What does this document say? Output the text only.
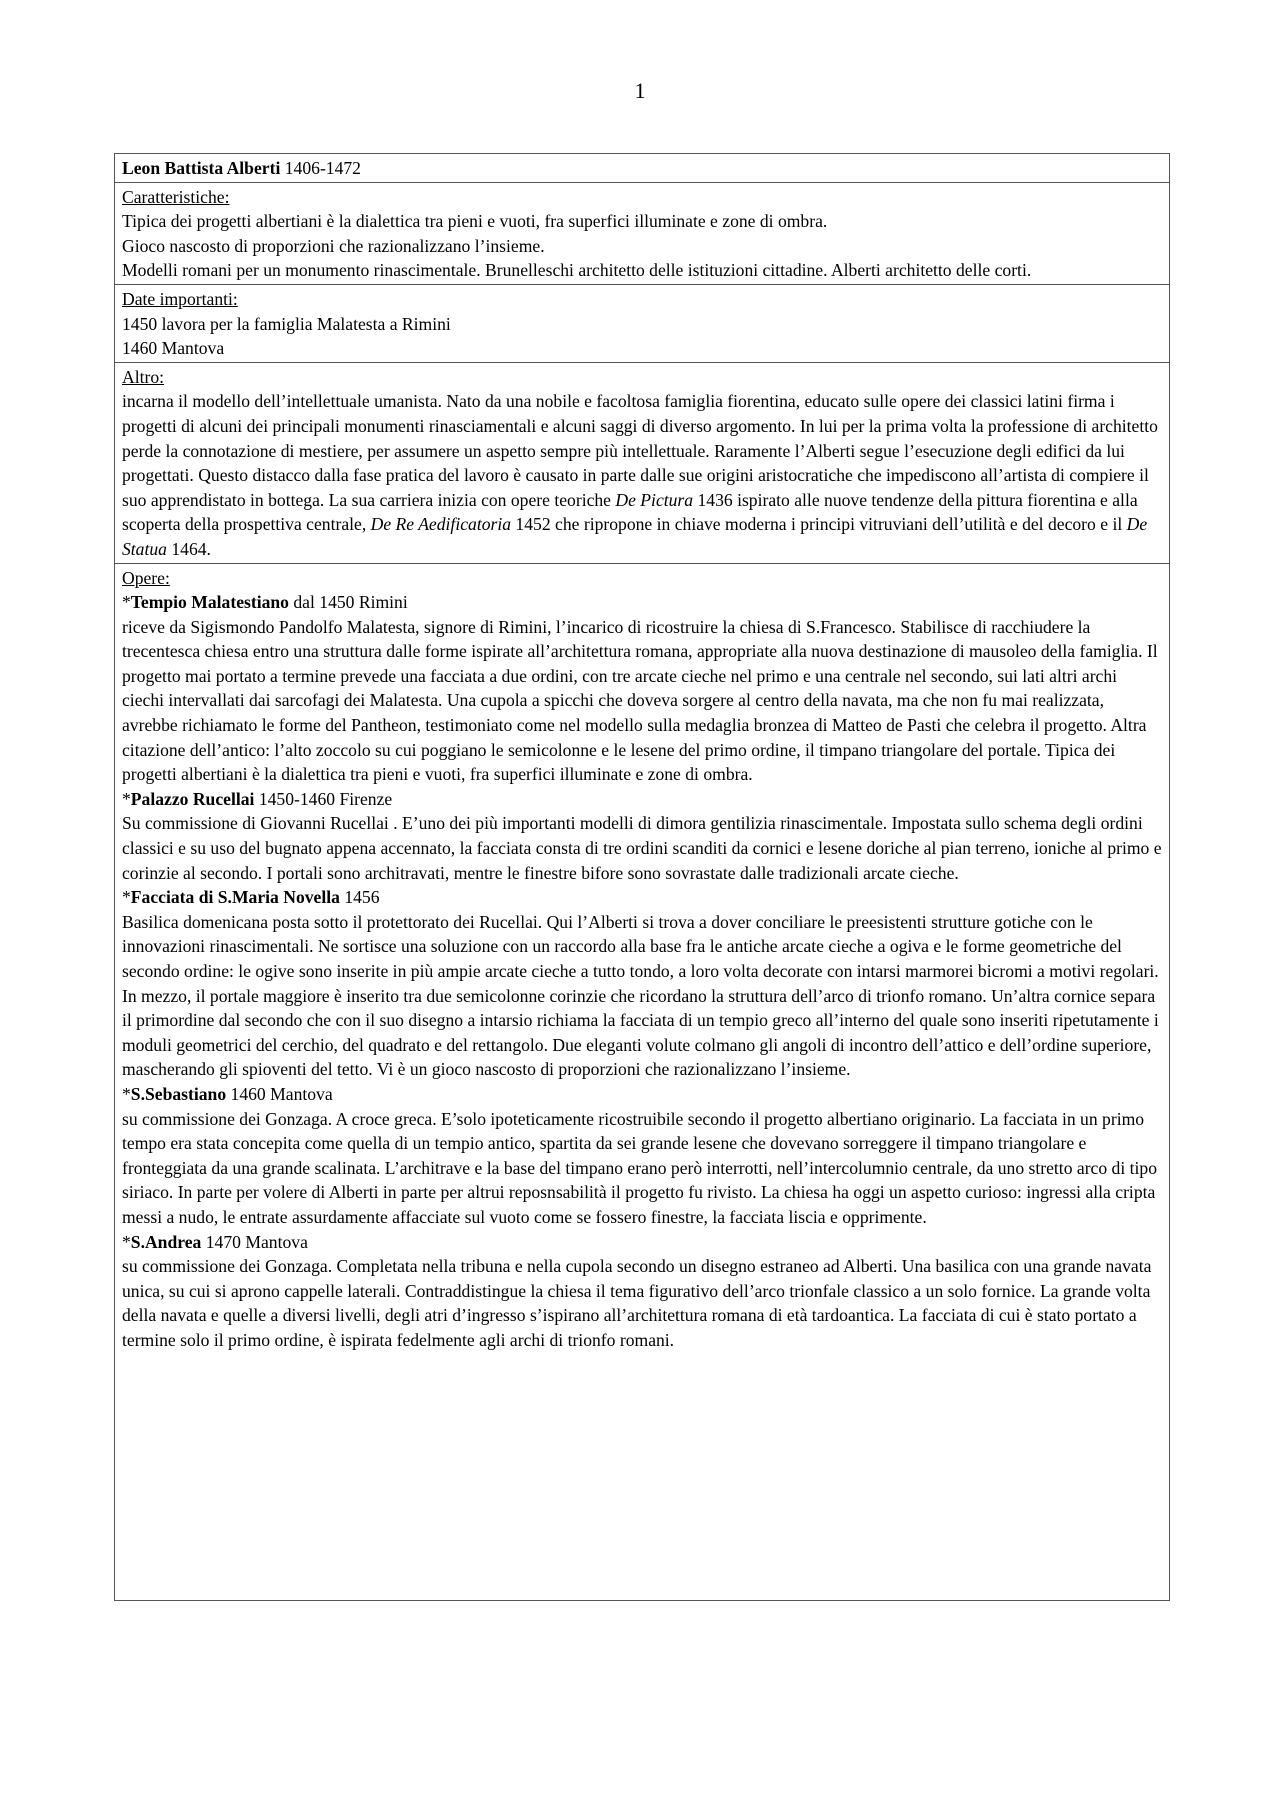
1
Leon Battista Alberti 1406-1472
Caratteristiche:

Tipica dei progetti albertiani è la dialettica tra pieni e vuoti, fra superfici illuminate e zone di ombra.

Gioco nascosto di proporzioni che razionalizzano l’insieme.

Modelli romani per un monumento rinascimentale. Brunelleschi architetto delle istituzioni cittadine. Alberti architetto delle corti.

Date importanti:

1450 lavora per la famiglia Malatesta a Rimini

1460 Mantova

Altro:

incarna il modello dell’intellettuale umanista. Nato da una nobile e facoltosa famiglia fiorentina, educato sulle opere dei classici latini firma i progetti di alcuni dei principali monumenti rinasciamentali e alcuni saggi di diverso argomento. In lui per la prima volta la professione di architetto perde la connotazione di mestiere, per assumere un aspetto sempre più intellettuale. Raramente l’Alberti segue l’esecuzione degli edifici da lui progettati. Questo distacco dalla fase pratica del lavoro è causato in parte dalle sue origini aristocratiche che impediscono all’artista di compiere il suo apprendistato in bottega. La sua carriera inizia con opere teoriche De Pictura 1436 ispirato alle nuove tendenze della pittura fiorentina e alla scoperta della prospettiva centrale, De Re Aedificatoria 1452 che ripropone in chiave moderna i principi vitruviani dell’utilità e del decoro e il De Statua 1464.

Opere:

*Tempio Malatestiano dal 1450 Rimini

riceve da Sigismondo Pandolfo Malatesta, signore di Rimini, l’incarico di ricostruire la chiesa di S.Francesco. Stabilisce di racchiudere la trecentesca chiesa entro una struttura dalle forme ispirate all’architettura romana, appropriate alla nuova destinazione di mausoleo della famiglia. Il progetto mai portato a termine prevede una facciata a due ordini, con tre arcate cieche nel primo e una centrale nel secondo, sui lati altri archi ciechi intervallati dai sarcofagi dei Malatesta. Una cupola a spicchi che doveva sorgere al centro della navata, ma che non fu mai realizzata, avrebbe richiamato le forme del Pantheon, testimoniato come nel modello sulla medaglia bronzea di Matteo de Pasti che celebra il progetto. Altra citazione dell’antico: l’alto zoccolo su cui poggiano le semicolonne e le lesene del primo ordine, il timpano triangolare del portale. Tipica dei progetti albertiani è la dialettica tra pieni e vuoti, fra superfici illuminate e zone di ombra.

*Palazzo Rucellai 1450-1460 Firenze

Su commissione di Giovanni Rucellai . E’uno dei più importanti modelli di dimora gentilizia rinascimentale. Impostata sullo schema degli ordini classici e su uso del bugnato appena accennato, la facciata consta di tre ordini scanditi da cornici e lesene doriche al pian terreno, ioniche al primo e corinzie al secondo. I portali sono architravati, mentre le finestre bifore sono sovrastate dalle tradizionali arcate cieche.

*Facciata di S.Maria Novella 1456

Basilica domenicana posta sotto il protettorato dei Rucellai. Qui l’Alberti si trova a dover conciliare le preesistenti strutture gotiche con le innovazioni rinascimentali. Ne sortisce una soluzione con un raccordo alla base fra le antiche arcate cieche a ogiva e le forme geometriche del secondo ordine: le ogive sono inserite in più ampie arcate cieche a tutto tondo, a loro volta decorate con intarsi marmorei bicromi a motivi regolari. In mezzo, il portale maggiore è inserito tra due semicolonne corinzie che ricordano la struttura dell’arco di trionfo romano. Un’altra cornice separa il primordine dal secondo che con il suo disegno a intarsio richiama la facciata di un tempio greco all’interno del quale sono inseriti ripetutamente i moduli geometrici del cerchio, del quadrato e del rettangolo. Due eleganti volute colmano gli angoli di incontro dell’attico e dell’ordine superiore, mascherando gli spioventi del tetto. Vi è un gioco nascosto di proporzioni che razionalizzano l’insieme.

*S.Sebastiano 1460 Mantova

su commissione dei Gonzaga. A croce greca. E’solo ipoteticamente ricostruibile secondo il progetto albertiano originario. La facciata in un primo tempo era stata concepita come quella di un tempio antico, spartita da sei grande lesene che dovevano sorreggere il timpano triangolare e fronteggiata da una grande scalinata. L’architrave e la base del timpano erano però interrotti, nell’intercolumnio centrale, da uno stretto arco di tipo siriaco. In parte per volere di Alberti in parte per altrui reposnsabilità il progetto fu rivisto. La chiesa ha oggi un aspetto curioso: ingressi alla cripta messi a nudo, le entrate assurdamente affacciate sul vuoto come se fossero finestre, la facciata liscia e opprimente.

*S.Andrea 1470 Mantova

su commissione dei Gonzaga. Completata nella tribuna e nella cupola secondo un disegno estraneo ad Alberti. Una basilica con una grande navata unica, su cui si aprono cappelle laterali. Contraddistingue la chiesa il tema figurativo dell’arco trionfale classico a un solo fornice. La grande volta della navata e quelle a diversi livelli, degli atri d’ingresso s’ispirano all’architettura romana di età tardoantica. La facciata di cui è stato portato a termine solo il primo ordine, è ispirata fedelmente agli archi di trionfo romani.
